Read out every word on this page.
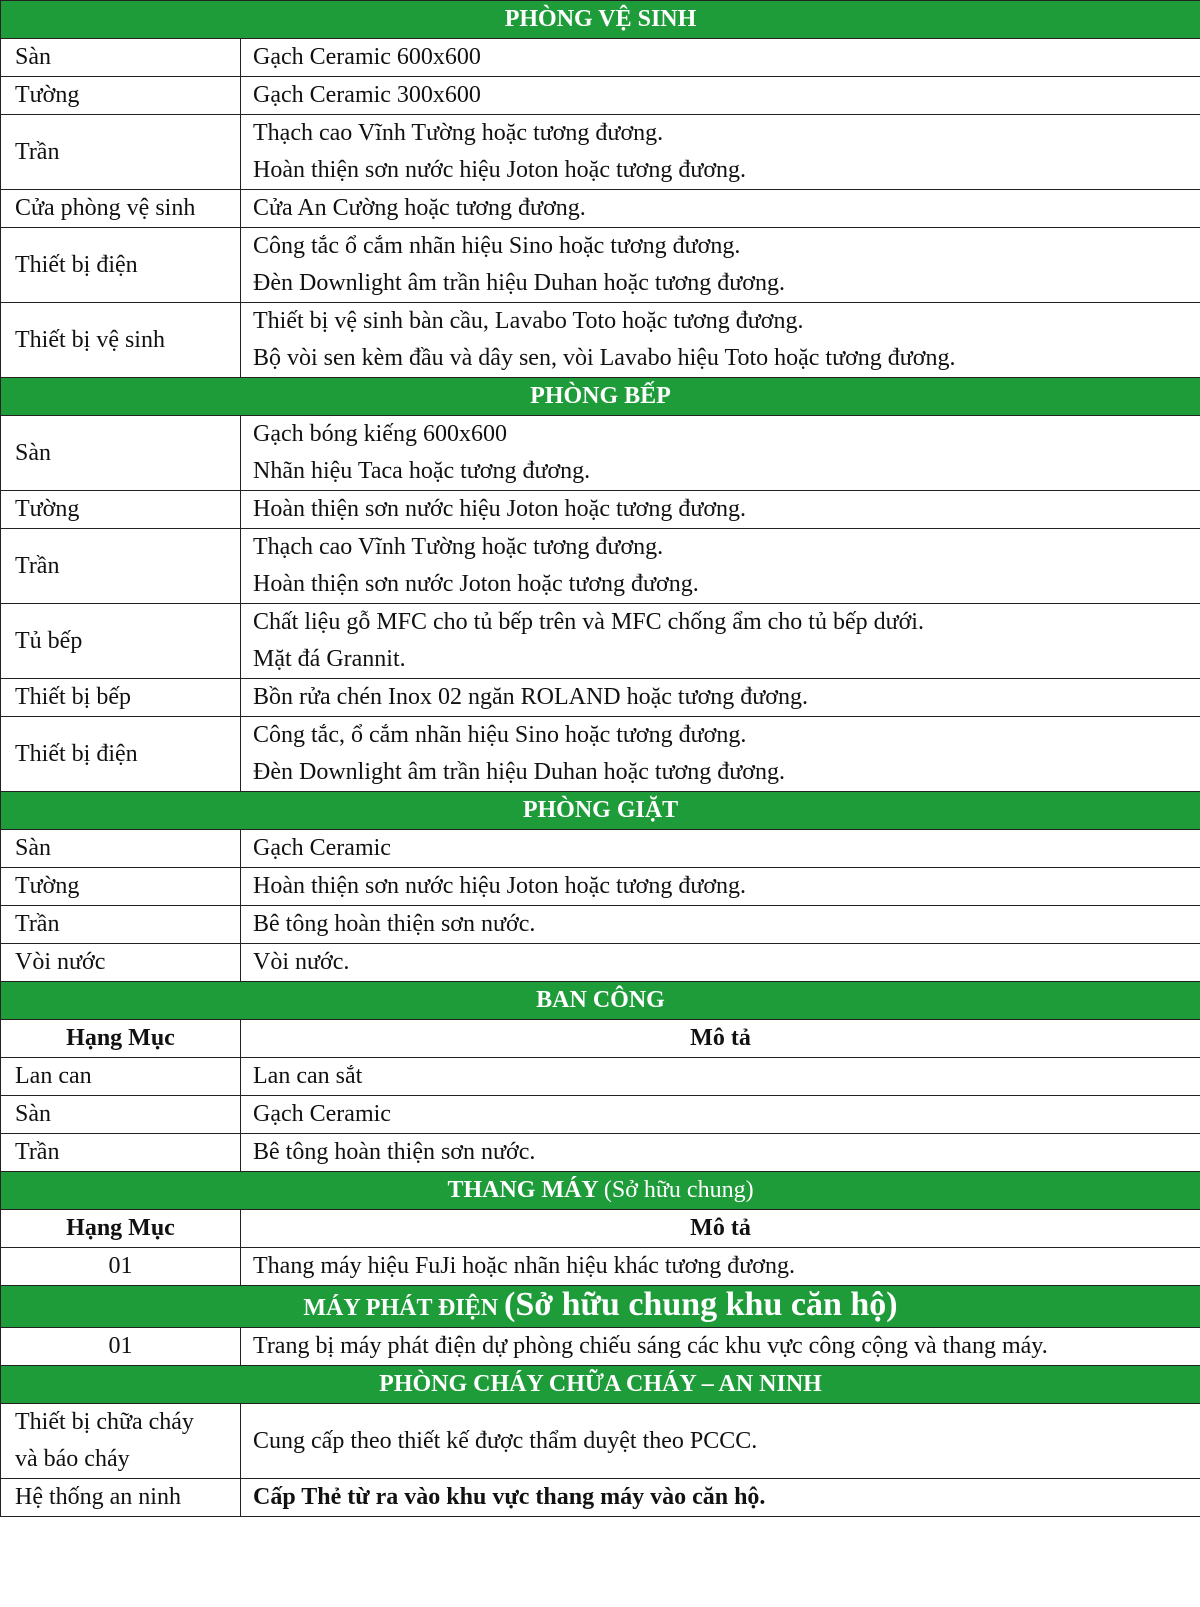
PHÒNG VỆ SINH	

Sàn	Gạch Ceramic 600x600

Tường	Gạch Ceramic 300x600

Trần	Thạch cao Vĩnh Tường hoặc tương đương.
Hoàn thiện sơn nước hiệu Joton hoặc tương đương.

Cửa phòng vệ sinh	Cửa An Cường hoặc tương đương.

Thiết bị điện	Công tắc ổ cắm nhãn hiệu Sino hoặc tương đương.
Đèn Downlight âm trần hiệu Duhan hoặc tương đương.

Thiết bị vệ sinh	Thiết bị vệ sinh bàn cầu, Lavabo Toto hoặc tương đương.
Bộ vòi sen kèm đầu và dây sen, vòi Lavabo hiệu Toto hoặc tương đương.

PHÒNG BẾP	

Sàn	Gạch bóng kiếng 600x600
Nhãn hiệu Taca hoặc tương đương.

Tường	Hoàn thiện sơn nước hiệu Joton hoặc tương đương.

Trần	Thạch cao Vĩnh Tường hoặc tương đương.
Hoàn thiện sơn nước Joton hoặc tương đương.

Tủ bếp	Chất liệu gỗ MFC cho tủ bếp trên và MFC chống ẩm cho tủ bếp dưới.
Mặt đá Grannit.

Thiết bị bếp	Bồn rửa chén Inox 02 ngăn ROLAND hoặc tương đương.

Thiết bị điện	Công tắc, ổ cắm nhãn hiệu Sino hoặc tương đương.
Đèn Downlight âm trần hiệu Duhan hoặc tương đương.

PHÒNG GIẶT	

Sàn	Gạch Ceramic

Tường	Hoàn thiện sơn nước hiệu Joton hoặc tương đương.

Trần	Bê tông hoàn thiện sơn nước.

Vòi nước	Vòi nước.

BAN CÔNG	
Hạng Mục	Mô tả

Lan can	Lan can sắt

Sàn	Gạch Ceramic

Trần	Bê tông hoàn thiện sơn nước.

THANG MÁY (Sở hữu chung)	
Hạng Mục	Mô tả

01	Thang máy hiệu FuJi hoặc nhãn hiệu khác tương đương.

MÁY PHÁT ĐIỆN (Sở hữu chung khu căn hộ)	

01	Trang bị máy phát điện dự phòng chiếu sáng các khu vực công cộng và thang máy.

PHÒNG CHÁY CHỮA CHÁY – AN NINH	

Thiết bị chữa cháy
và báo cháy	Cung cấp theo thiết kế được thẩm duyệt theo PCCC.

Hệ thống an ninh	Cấp Thẻ từ ra vào khu vực thang máy vào căn hộ.
